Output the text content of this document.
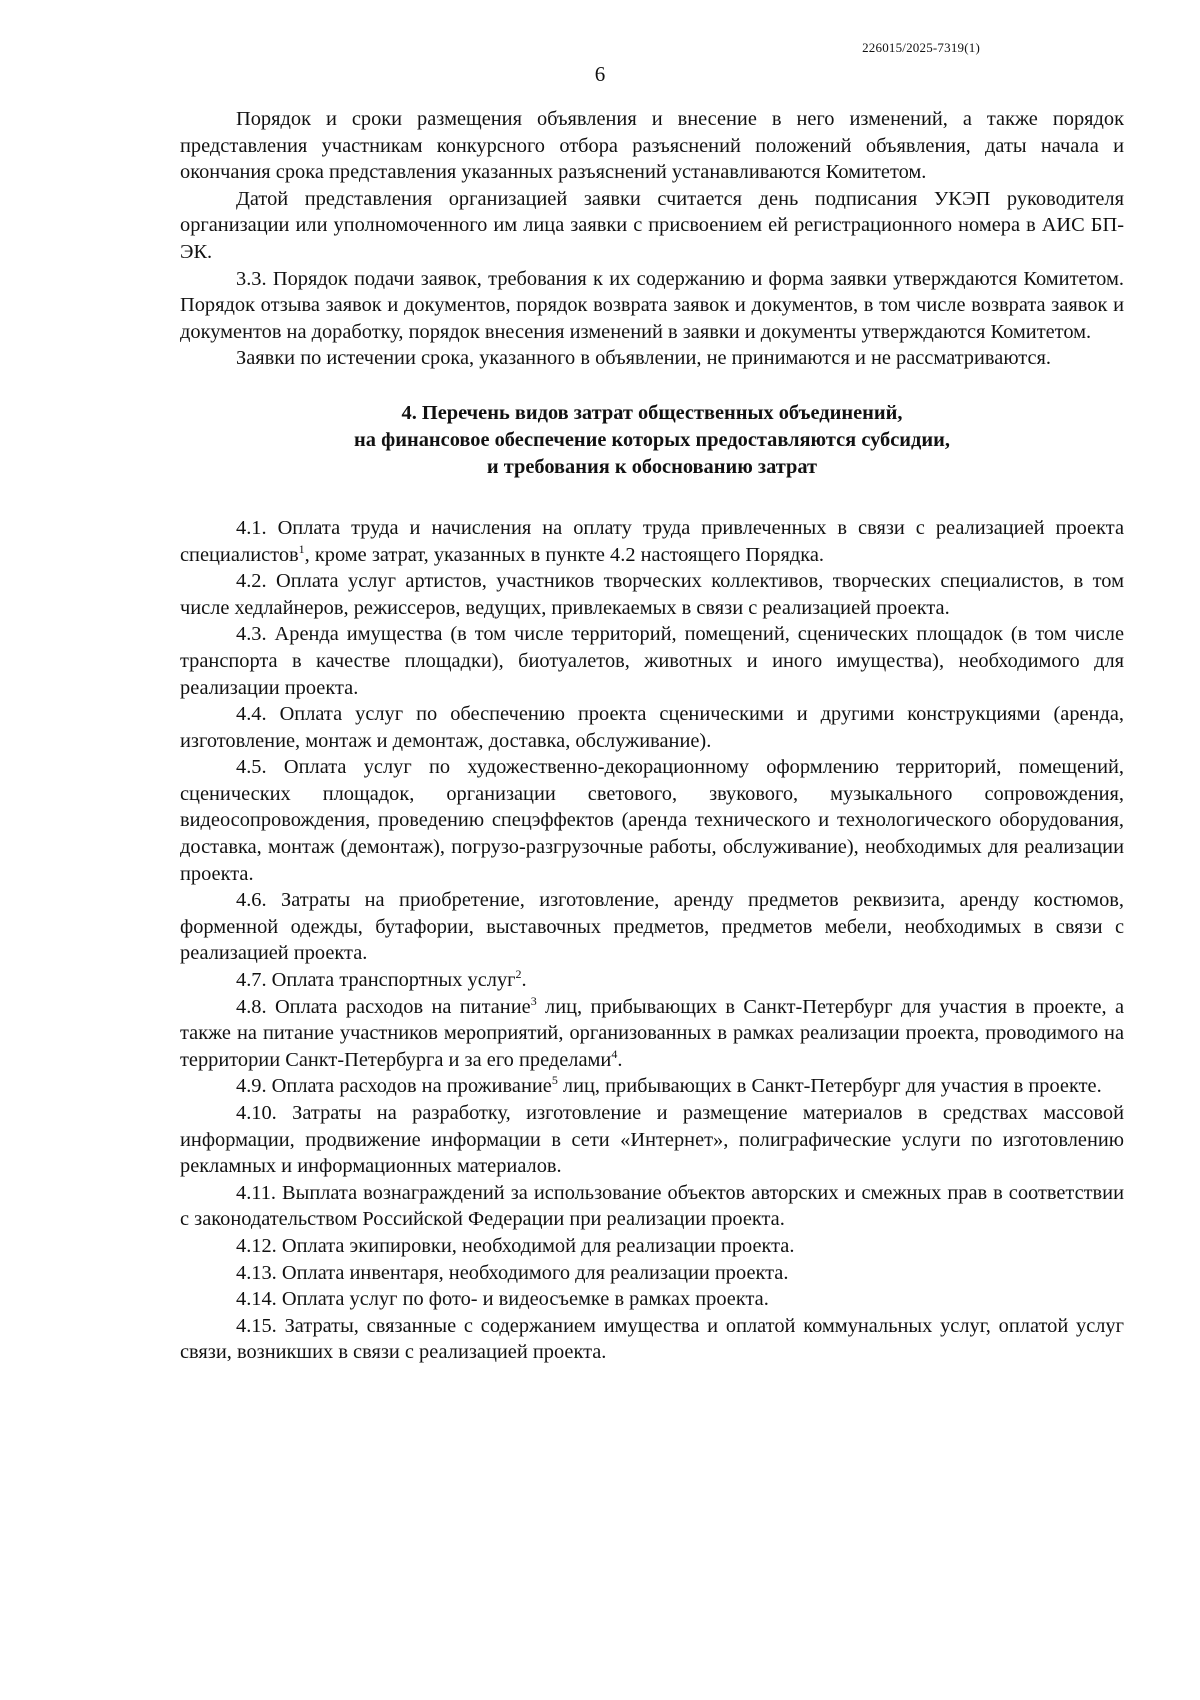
226015/2025-7319(1)
6

Порядок и сроки размещения объявления и внесение в него изменений, а также порядок представления участникам конкурсного отбора разъяснений положений объявления, даты начала и окончания срока представления указанных разъяснений устанавливаются Комитетом.

Датой представления организацией заявки считается день подписания УКЭП руководителя организации или уполномоченного им лица заявки с присвоением ей регистрационного номера в АИС БП-ЭК.

3.3. Порядок подачи заявок, требования к их содержанию и форма заявки утверждаются Комитетом. Порядок отзыва заявок и документов, порядок возврата заявок и документов, в том числе возврата заявок и документов на доработку, порядок внесения изменений в заявки и документы утверждаются Комитетом.

Заявки по истечении срока, указанного в объявлении, не принимаются и не рассматриваются.

4. Перечень видов затрат общественных объединений,
на финансовое обеспечение которых предоставляются субсидии,
и требования к обоснованию затрат

4.1. Оплата труда и начисления на оплату труда привлеченных в связи с реализацией проекта специалистов$^1$, кроме затрат, указанных в пункте 4.2 настоящего Порядка.

4.2. Оплата услуг артистов, участников творческих коллективов, творческих специалистов, в том числе хедлайнеров, режиссеров, ведущих, привлекаемых в связи с реализацией проекта.

4.3. Аренда имущества (в том числе территорий, помещений, сценических площадок (в том числе транспорта в качестве площадки), биотуалетов, животных и иного имущества), необходимого для реализации проекта.

4.4. Оплата услуг по обеспечению проекта сценическими и другими конструкциями (аренда, изготовление, монтаж и демонтаж, доставка, обслуживание).

4.5. Оплата услуг по художественно-декорационному оформлению территорий, помещений, сценических площадок, организации светового, звукового, музыкального сопровождения, видеосопровождения, проведению спецэффектов (аренда технического и технологического оборудования, доставка, монтаж (демонтаж), погрузо-разгрузочные работы, обслуживание), необходимых для реализации проекта.

4.6. Затраты на приобретение, изготовление, аренду предметов реквизита, аренду костюмов, форменной одежды, бутафории, выставочных предметов, предметов мебели, необходимых в связи с реализацией проекта.

4.7. Оплата транспортных услуг$^2$.

4.8. Оплата расходов на питание$^3$ лиц, прибывающих в Санкт-Петербург для участия в проекте, а также на питание участников мероприятий, организованных в рамках реализации проекта, проводимого на территории Санкт-Петербурга и за его пределами$^4$.

4.9. Оплата расходов на проживание$^5$ лиц, прибывающих в Санкт-Петербург для участия в проекте.

4.10. Затраты на разработку, изготовление и размещение материалов в средствах массовой информации, продвижение информации в сети «Интернет», полиграфические услуги по изготовлению рекламных и информационных материалов.

4.11. Выплата вознаграждений за использование объектов авторских и смежных прав в соответствии с законодательством Российской Федерации при реализации проекта.

4.12. Оплата экипировки, необходимой для реализации проекта.

4.13. Оплата инвентаря, необходимого для реализации проекта.

4.14. Оплата услуг по фото- и видеосъемке в рамках проекта.

4.15. Затраты, связанные с содержанием имущества и оплатой коммунальных услуг, оплатой услуг связи, возникших в связи с реализацией проекта.
